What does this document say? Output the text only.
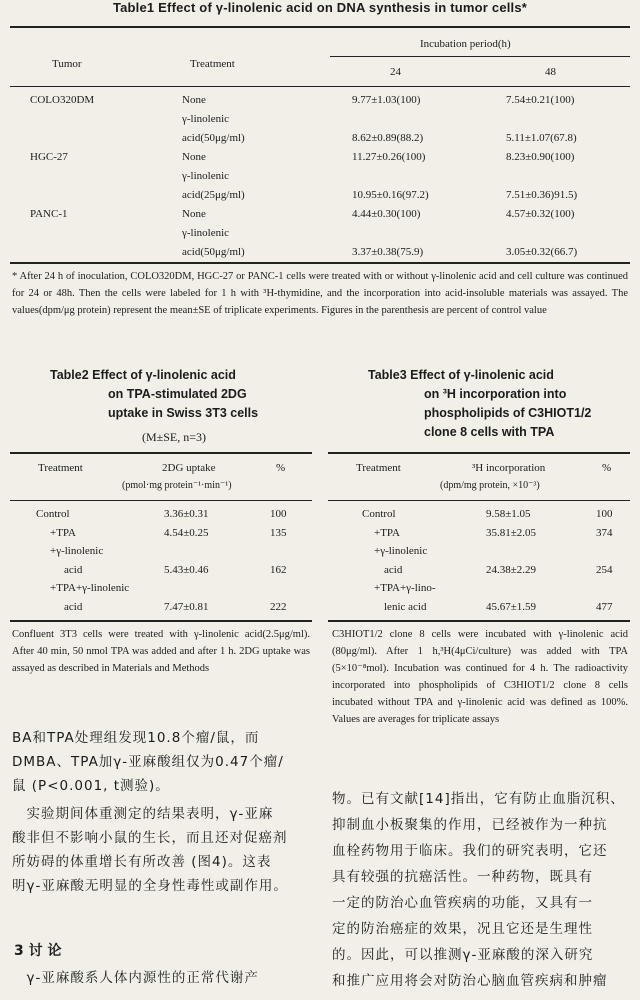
Table1 Effect of γ-linolenic acid on DNA synthesis in tumor cells*
Tumor	Treatment
Incubation period(h)
24	48
COLO320DM	None	9.77±1.03(100)	7.54±0.21(100)
γ-linolenic
acid(50μg/ml)	8.62±0.89(88.2)	5.11±1.07(67.8)
HGC-27	None	11.27±0.26(100)	8.23±0.90(100)
γ-linolenic
acid(25μg/ml)	10.95±0.16(97.2)	7.51±0.36)91.5)
PANC-1	None	4.44±0.30(100)	4.57±0.32(100)
γ-linolenic
acid(50μg/ml)	3.37±0.38(75.9)	3.05±0.32(66.7)
* After 24 h of inoculation, COLO320DM, HGC-27 or PANC-1 cells were treated with or without γ-linolenic acid and cell culture was continued for 24 or 48h. Then the cells were labeled for 1 h with ³H-thymidine, and the incorporation into acid-insoluble materials was assayed. The values(dpm/μg protein) represent the mean±SE of triplicate experiments. Figures in the parenthesis are percent of control value
Table2 Effect of γ-linolenic acid
on TPA-stimulated 2DG
uptake in Swiss 3T3 cells
(M±SE, n=3)
Treatment	2DG uptake
(pmol·mg protein⁻¹·min⁻¹)
%
Control	3.36±0.31	100
+TPA	4.54±0.25	135
+γ-linolenic
acid	5.43±0.46	162
+TPA+γ-linolenic
acid	7.47±0.81	222
Confluent 3T3 cells were treated with γ-linolenic acid(2.5μg/ml). After 40 min, 50 nmol TPA was added and after 1 h. 2DG uptake was assayed as described in Materials and Methods
Table3 Effect of γ-linolenic acid
on ³H incorporation into
phospholipids of C3HIOT1/2
clone 8 cells with TPA
Treatment	³H incorporation
(dpm/mg protein, ×10⁻³)
%
Control	9.58±1.05	100
+TPA	35.81±2.05	374
+γ-linolenic
acid	24.38±2.29	254
+TPA+γ-lino-
lenic acid	45.67±1.59	477
C3HIOT1/2 clone 8 cells were incubated with γ-linolenic acid (80μg/ml). After 1 h,³H(4μCi/culture) was added with TPA (5×10⁻⁸mol). Incubation was continued for 4 h. The radioactivity incorporated into phospholipids of C3HIOT1/2 clone 8 cells incubated without TPA and γ-linolenic acid was defined as 100%. Values are averages for triplicate assays
BA和TPA处理组发现10.8个瘤/鼠，而
DMBA、TPA加γ-亚麻酸组仅为0.47个瘤/
鼠 (P<0.001, t测验)。
　实验期间体重测定的结果表明，γ-亚麻
酸非但不影响小鼠的生长，而且还对促癌剂
所妨碍的体重增长有所改善 (图4)。这表
明γ-亚麻酸无明显的全身性毒性或副作用。
3 讨 论
　γ-亚麻酸系人体内源性的正常代谢产
物。已有文献[14]指出，它有防止血脂沉积、
抑制血小板聚集的作用，已经被作为一种抗
血栓药物用于临床。我们的研究表明，它还
具有较强的抗癌活性。一种药物，既具有
一定的防治心血管疾病的功能，又具有一
定的防治癌症的效果，况且它还是生理性
的。因此，可以推测γ-亚麻酸的深入研究
和推广应用将会对防治心脑血管疾病和肿瘤
